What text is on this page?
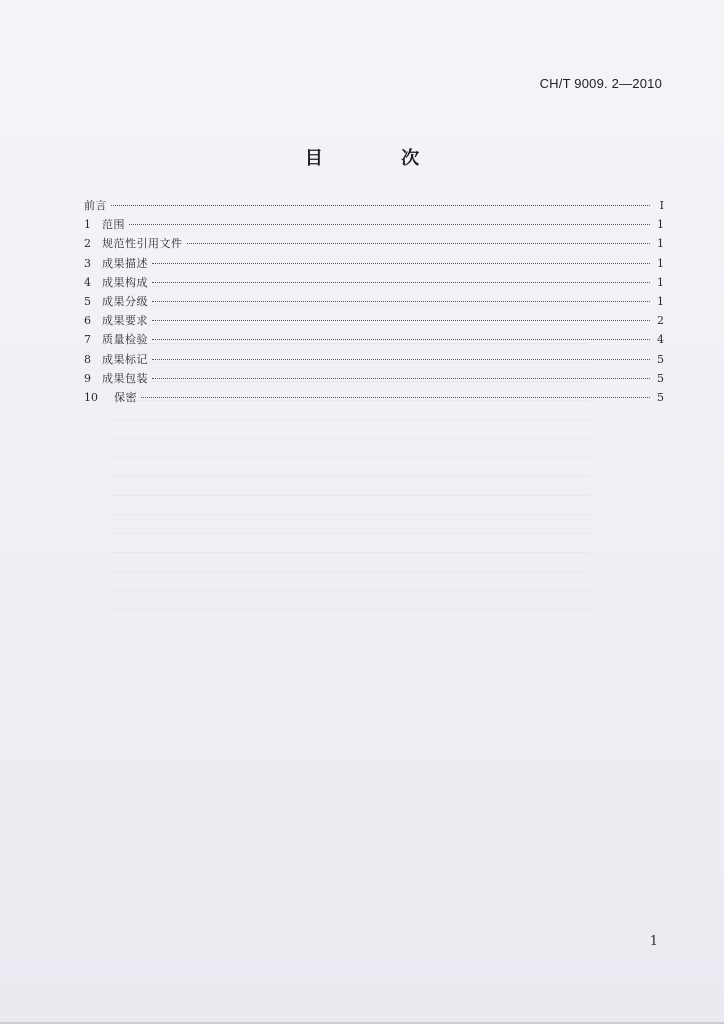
CH/T 9009. 2—2010
目 次
前言	Ⅰ
1	范围	1
2	规范性引用文件	1
3	成果描述	1
4	成果构成	1
5	成果分级	1
6	成果要求	2
7	质量检验	4
8	成果标记	5
9	成果包装	5
10	保密	5
1
